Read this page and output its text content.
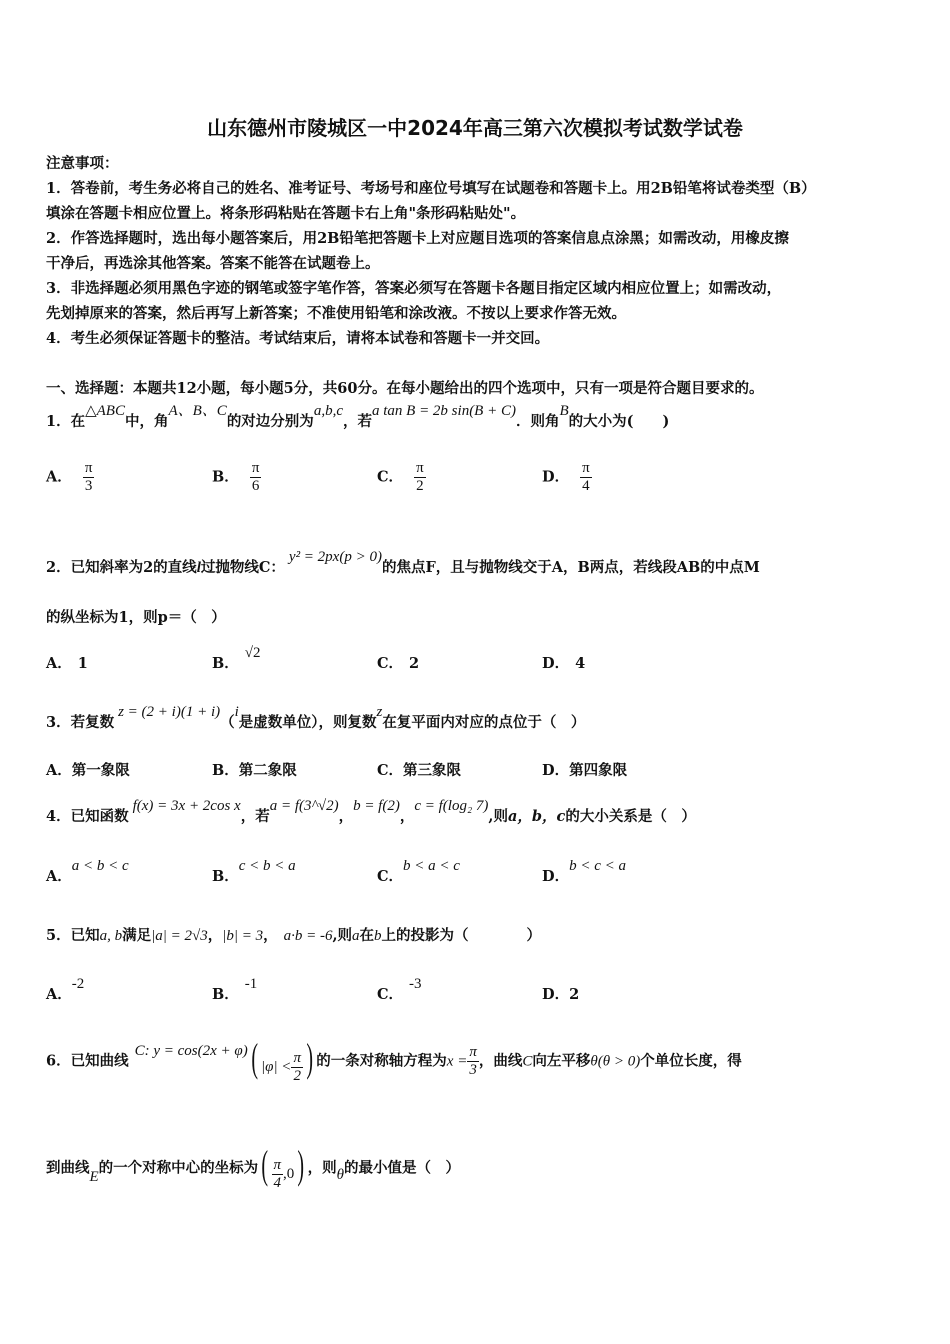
山东德州市陵城区一中2024年高三第六次模拟考试数学试卷
注意事项：
1．答卷前，考生务必将自己的姓名、准考证号、考场号和座位号填写在试题卷和答题卡上。用2B铅笔将试卷类型（B）
填涂在答题卡相应位置上。将条形码粘贴在答题卡右上角"条形码粘贴处"。
2．作答选择题时，选出每小题答案后，用2B铅笔把答题卡上对应题目选项的答案信息点涂黑；如需改动，用橡皮擦
干净后，再选涂其他答案。答案不能答在试题卷上。
3．非选择题必须用黑色字迹的钢笔或签字笔作答，答案必须写在答题卡各题目指定区域内相应位置上；如需改动，
先划掉原来的答案，然后再写上新答案；不准使用铅笔和涂改液。不按以上要求作答无效。
4．考生必须保证答题卡的整洁。考试结束后，请将本试卷和答题卡一并交回。
一、选择题：本题共12小题，每小题5分，共60分。在每小题给出的四个选项中，只有一项是符合题目要求的。
1．在△ABC中，角A、B、C的对边分别为a,b,c，若a tan B = 2b sin(B + C)．则角B的大小为(　　)
A． $\frac{\pi}{3}$	B． $\frac{\pi}{6}$	C． $\frac{\pi}{2}$	D． $\frac{\pi}{4}$
2．已知斜率为2的直线l过抛物线C：y² = 2px(p > 0)的焦点F，且与抛物线交于A，B两点，若线段AB的中点M
的纵坐标为1，则p＝（　）
A． 1	B．√2
C． 2	D． 4
3．若复数z = (2 + i)(1 + i)（i是虚数单位），则复数z在复平面内对应的点位于（　）
A．第一象限	B．第二象限	C．第三象限	D．第四象限
4．已知函数f(x) = 3x + 2cos x，若a = f(3^√2)，b = f(2)，c = f(log₂ 7),则a，b，c的大小关系是（　）
A．a < b < c
B．c < b < a
C．b < a < c
D．b < c < a
5．已知a, b满足|a| = 2√3，|b| = 3， a·b = -6,则a在b上的投影为（　　　　）
A．-2
B．-1
C．-3
D．2
6．已知曲线C: y = cos(2x + φ)( $|\varphi| < \frac{\pi}{2}$ ) 的一条对称轴方程为$x = \frac{\pi}{3}$ ，曲线C向左平移θ(θ > 0)个单位长度，得
到曲线E的一个对称中心的坐标为( $\frac{\pi}{4} ,0$) ，则θ的最小值是（　）
